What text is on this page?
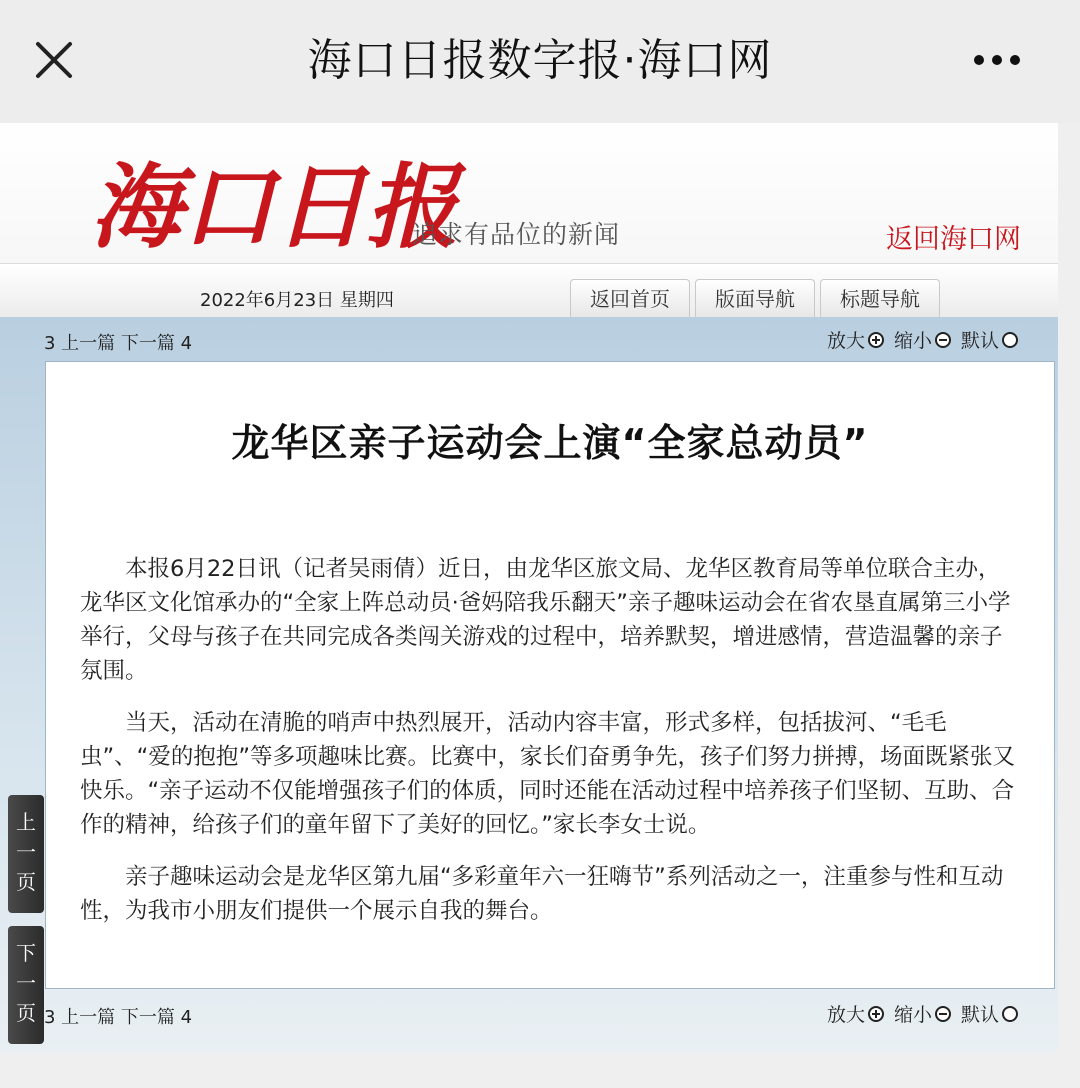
海口日报数字报·海口网
海口日报
追求有品位的新闻	返回海口网
2022年6月23日 星期四	返回首页	版面导航	标题导航
3 上一篇 下一篇 4	放大 缩小 默认
龙华区亲子运动会上演“全家总动员”

本报6月22日讯（记者吴雨倩）近日，由龙华区旅文局、龙华区教育局等单位联合主办，龙华区文化馆承办的“全家上阵总动员·爸妈陪我乐翻天”亲子趣味运动会在省农垦直属第三小学举行，父母与孩子在共同完成各类闯关游戏的过程中，培养默契，增进感情，营造温馨的亲子氛围。

当天，活动在清脆的哨声中热烈展开，活动内容丰富，形式多样，包括拔河、“毛毛虫”、“爱的抱抱”等多项趣味比赛。比赛中，家长们奋勇争先，孩子们努力拼搏，场面既紧张又快乐。“亲子运动不仅能增强孩子们的体质，同时还能在活动过程中培养孩子们坚韧、互助、合作的精神，给孩子们的童年留下了美好的回忆。”家长李女士说。

亲子趣味运动会是龙华区第九届“多彩童年六一狂嗨节”系列活动之一，注重参与性和互动性，为我市小朋友们提供一个展示自我的舞台。

3 上一篇 下一篇 4	放大 缩小 默认
上
一
页
下
一
页
